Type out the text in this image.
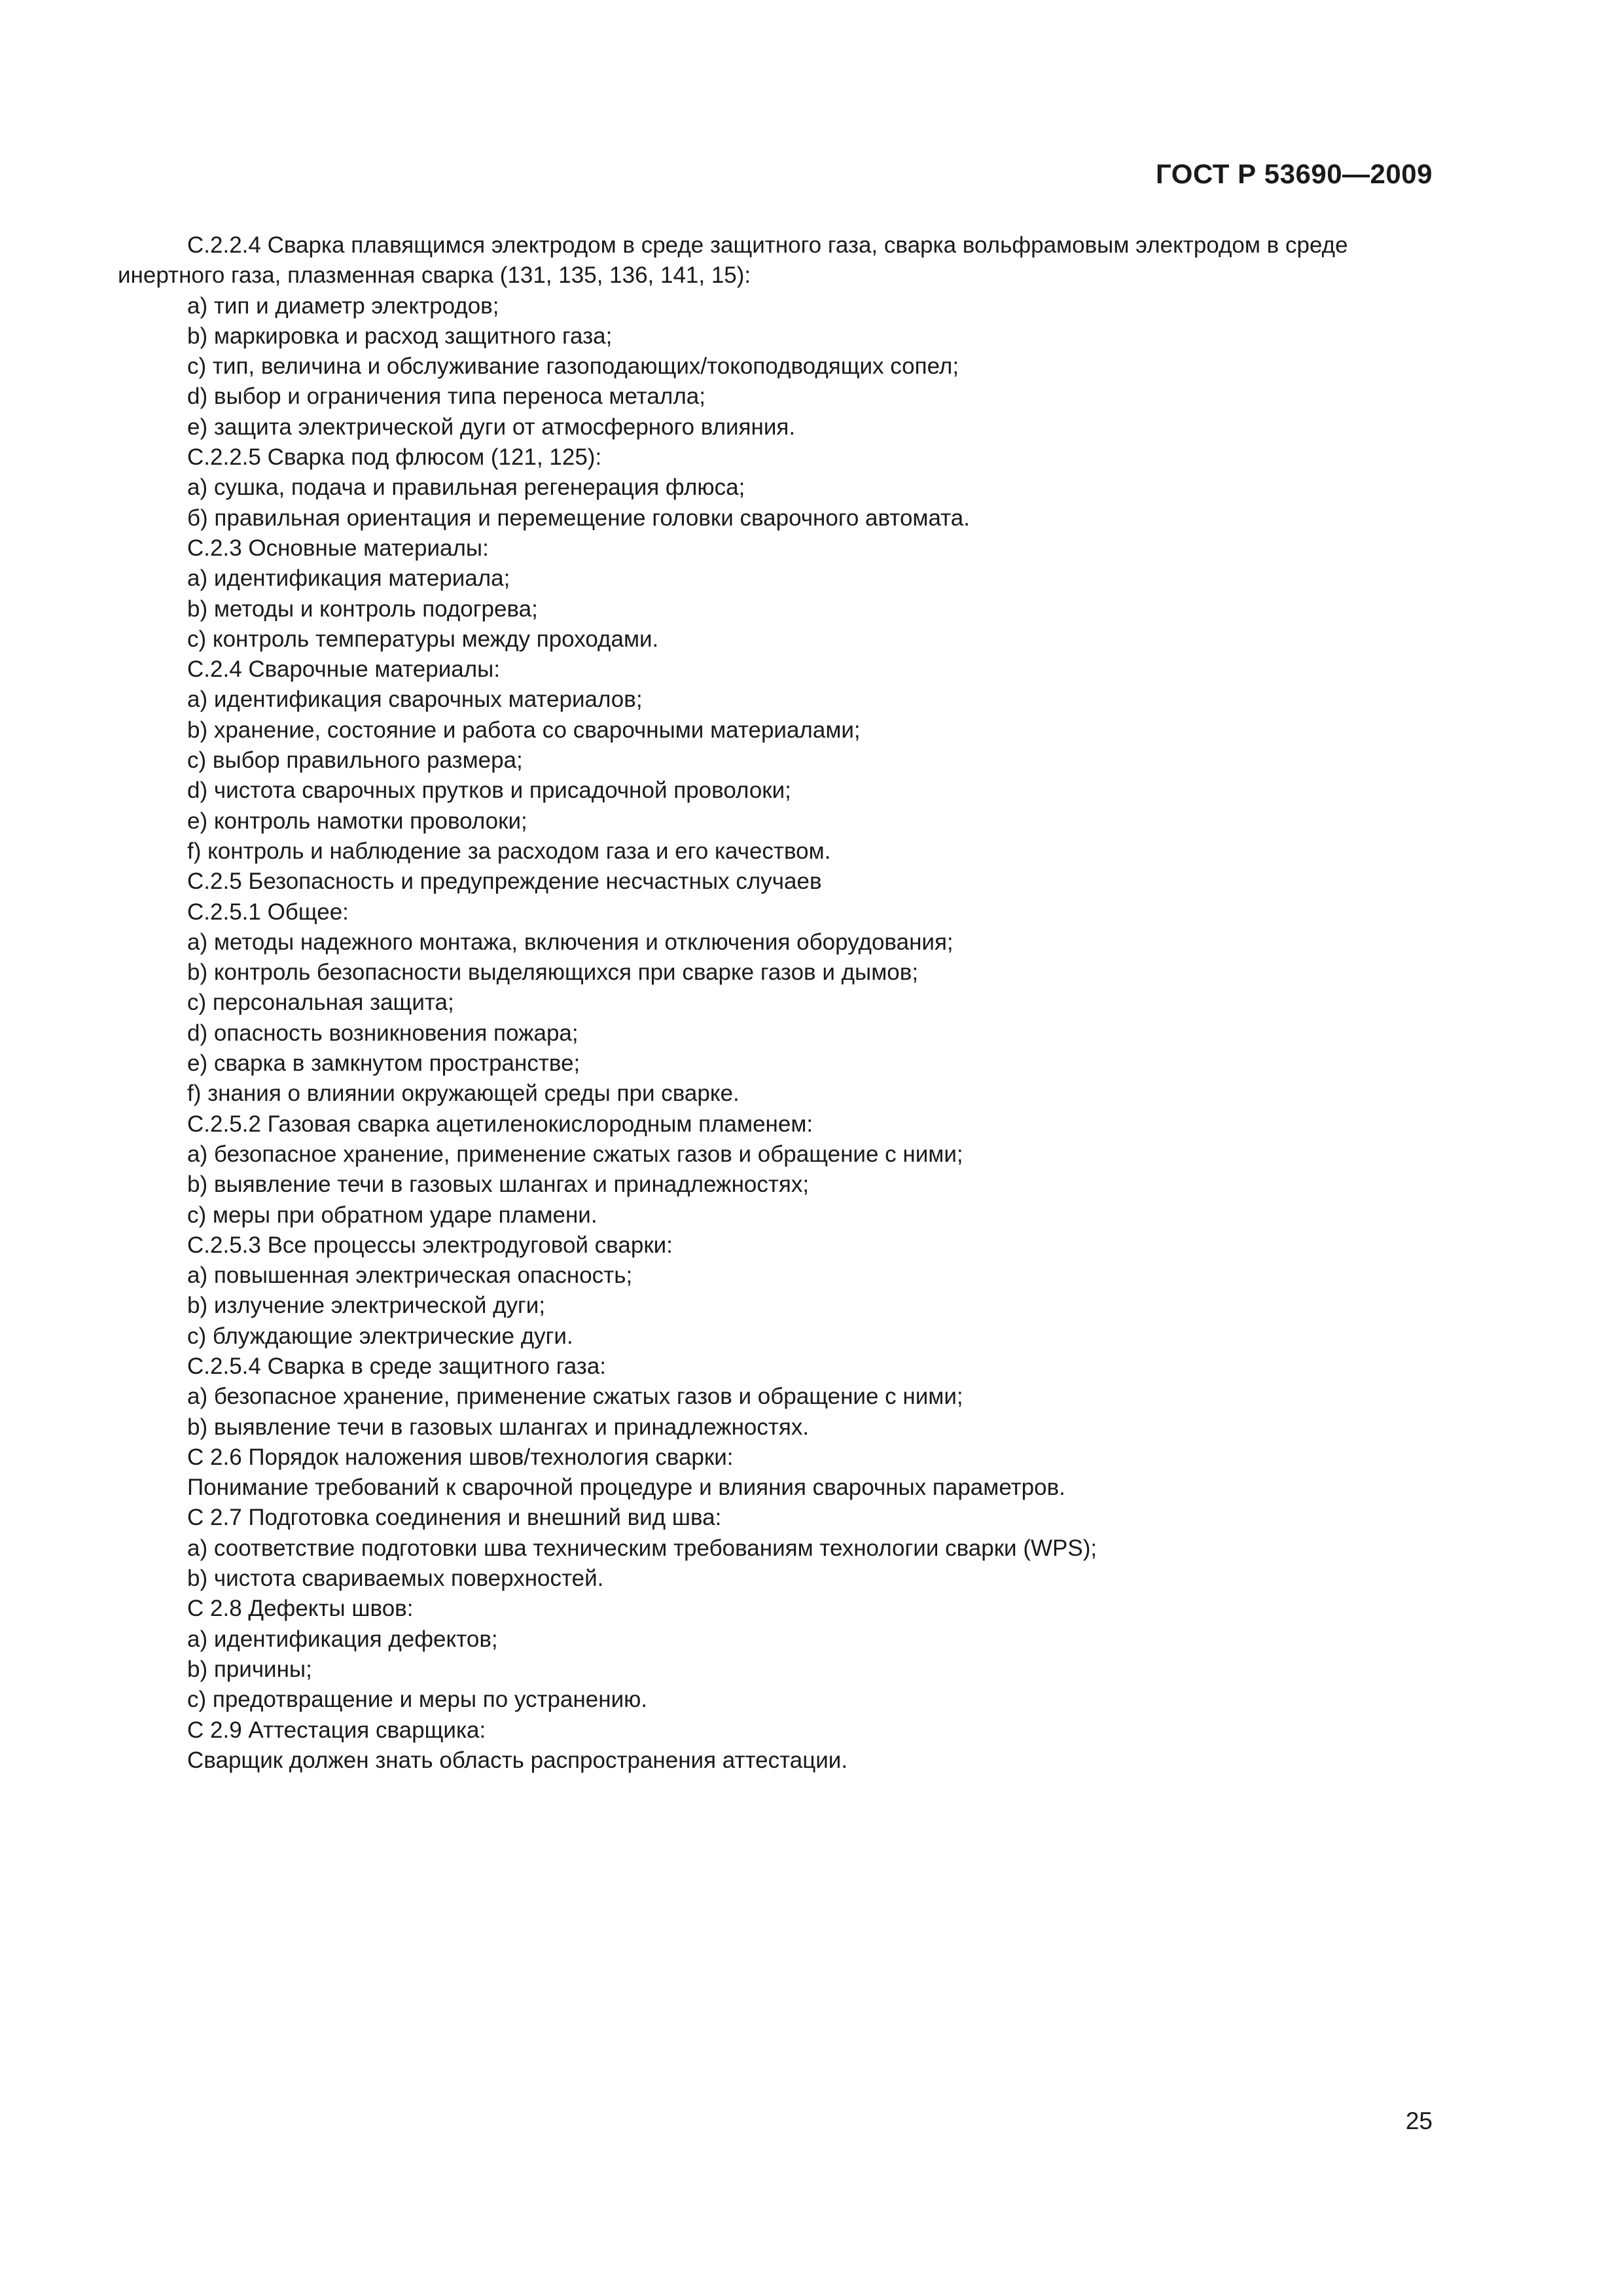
ГОСТ Р 53690—2009
С.2.2.4 Сварка плавящимся электродом в среде защитного газа, сварка вольфрамовым электродом в среде инертного газа, плазменная сварка (131, 135, 136, 141, 15):
a) тип и диаметр электродов;
b) маркировка и расход защитного газа;
c) тип, величина и обслуживание газоподающих/токоподводящих сопел;
d) выбор и ограничения типа переноса металла;
e) защита электрической дуги от атмосферного влияния.
С.2.2.5 Сварка под флюсом (121, 125):
a) сушка, подача и правильная регенерация флюса;
б) правильная ориентация и перемещение головки сварочного автомата.
С.2.3 Основные материалы:
a) идентификация материала;
b) методы и контроль подогрева;
c) контроль температуры между проходами.
С.2.4 Сварочные материалы:
a) идентификация сварочных материалов;
b) хранение, состояние и работа со сварочными материалами;
c) выбор правильного размера;
d) чистота сварочных прутков и присадочной проволоки;
e) контроль намотки проволоки;
f) контроль и наблюдение за расходом газа и его качеством.
С.2.5 Безопасность и предупреждение несчастных случаев
С.2.5.1 Общее:
a) методы надежного монтажа, включения и отключения оборудования;
b) контроль безопасности выделяющихся при сварке газов и дымов;
c) персональная защита;
d) опасность возникновения пожара;
e) сварка в замкнутом пространстве;
f) знания о влиянии окружающей среды при сварке.
С.2.5.2 Газовая сварка ацетиленокислородным пламенем:
a) безопасное хранение, применение сжатых газов и обращение с ними;
b) выявление течи в газовых шлангах и принадлежностях;
c) меры при обратном ударе пламени.
С.2.5.3 Все процессы электродуговой сварки:
a) повышенная электрическая опасность;
b) излучение электрической дуги;
c) блуждающие электрические дуги.
С.2.5.4 Сварка в среде защитного газа:
a) безопасное хранение, применение сжатых газов и обращение с ними;
b) выявление течи в газовых шлангах и принадлежностях.
С 2.6 Порядок наложения швов/технология сварки:
Понимание требований к сварочной процедуре и влияния сварочных параметров.
С 2.7 Подготовка соединения и внешний вид шва:
a) соответствие подготовки шва техническим требованиям технологии сварки (WPS);
b) чистота свариваемых поверхностей.
С 2.8 Дефекты швов:
a) идентификация дефектов;
b) причины;
c) предотвращение и меры по устранению.
С 2.9 Аттестация сварщика:
Сварщик должен знать область распространения аттестации.
25
